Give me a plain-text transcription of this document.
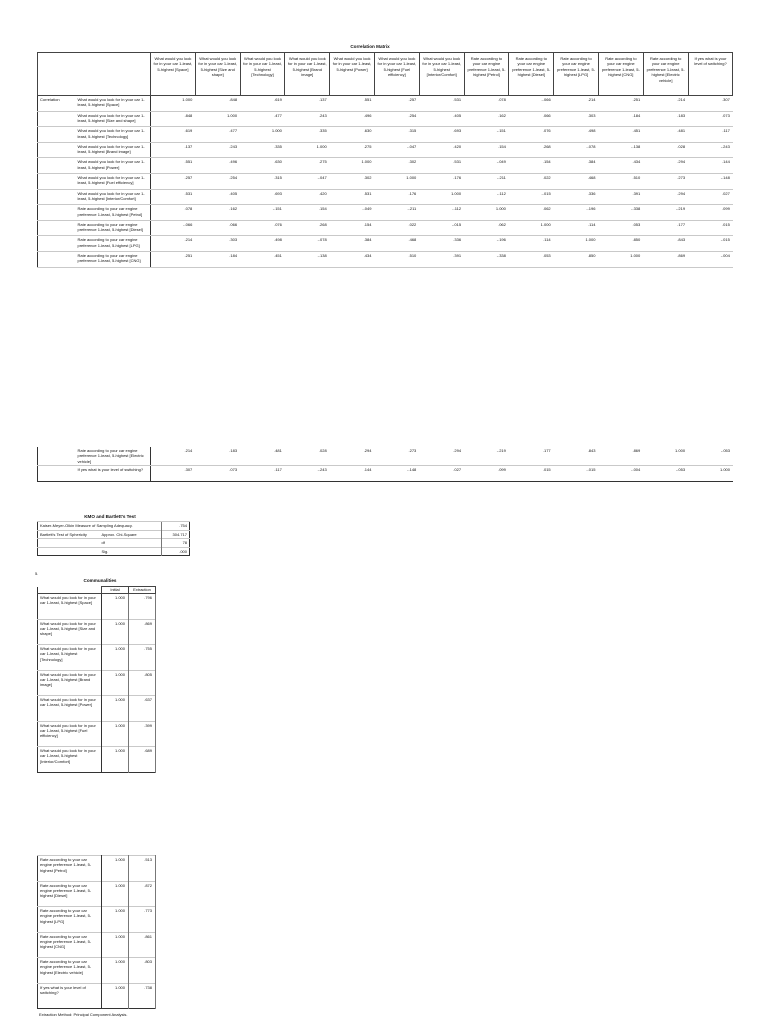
Correlation Matrix
		What would you look for in your car 1-least, 5-highest [Space]	What would you look for in your car 1-least, 5-highest [Size and shape]	What would you look for in your car 1-least, 5-highest [Technology]	What would you look for in your car 1-least, 5-highest [Brand image]	What would you look for in your car 1-least, 5-highest [Power]	What would you look for in your car 1-least, 5-highest [Fuel efficiency]	What would you look for in your car 1-least, 5-highest [Interior/Comfort]	Rate according to your car engine preference 1-least, 5-highest [Petrol]	Rate according to your car engine preference 1-least, 5-highest [Diesel]	Rate according to your car engine preference 1-least, 5-highest [LPG]	Rate according to your car engine preference 1-least, 5-highest [CNG]	Rate according to your car engine preference 1-least, 5-highest [Electric vehicle]	If yes what is your level of switching?
Correlation	What would you look for in your car 1-least, 5-highest [Space]	1.000	.848	.619	.137	.551	.257	.531	.078	-.066	.214	.251	.214	.307
	What would you look for in your car 1-least, 5-highest [Size and shape]	.848	1.000	.477	.243	.496	.254	.405	.162	.066	.303	.184	.183	.073
	What would you look for in your car 1-least, 5-highest [Technology]	.619	.477	1.000	.335	.630	.315	.693	-.151	.076	.498	.451	.481	.117
	What would you look for in your car 1-least, 5-highest [Brand image]	.137	.243	.335	1.000	.275	-.047	.420	.154	.268	-.078	-.138	.028	-.243
	What would you look for in your car 1-least, 5-highest [Power]	.551	.496	.630	.275	1.000	.302	.531	-.049	.154	.384	.434	.294	.144
	What would you look for in your car 1-least, 5-highest [Fuel efficiency]	.257	.254	.315	-.047	.302	1.000	.176	-.211	.022	.468	.510	.273	-.148
	What would you look for in your car 1-least, 5-highest [Interior/Comfort]	.531	.405	.693	.420	.531	.176	1.000	-.112	-.015	.336	.391	.294	.027
	Rate according to your car engine preference 1-least, 5-highest [Petrol]	.078	.162	-.151	.154	-.049	-.211	-.112	1.000	.062	-.196	-.338	-.219	.099
	Rate according to your car engine preference 1-least, 5-highest [Diesel]	-.066	.066	.076	.268	.154	.022	-.015	.062	1.000	.114	.053	.177	.015
	Rate according to your car engine preference 1-least, 5-highest [LPG]	.214	.303	.498	-.078	.384	.468	.336	-.196	.114	1.000	.850	.843	-.015
	Rate according to your car engine preference 1-least, 5-highest [CNG]	.251	.184	.451	-.138	.434	.510	.391	-.338	.053	.850	1.000	.869	-.004
	Rate according to your car engine preference 1-least, 5-highest [Electric vehicle]	.214	.183	.481	.028	.294	.273	.294	-.219	.177	.843	.869	1.000	-.053
	If yes what is your level of switching?	.307	.073	.117	-.243	.144	-.148	.027	.099	.015	-.015	-.004	-.053	1.000
KMO and Bartlett's Test
Kaiser-Meyer-Olkin Measure of Sampling Adequacy.		.754
Bartlett's Test of Sphericity	Approx. Chi-Square	304.717
	df	78
	Sig.	.000
5.
Communalities
	Initial	Extraction
What would you look for in your car 1-least, 5-highest [Space]	1.000	.796
What would you look for in your car 1-least, 5-highest [Size and shape]	1.000	.869
What would you look for in your car 1-least, 5-highest [Technology]	1.000	.755
What would you look for in your car 1-least, 5-highest [Brand image]	1.000	.805
What would you look for in your car 1-least, 5-highest [Power]	1.000	.637
What would you look for in your car 1-least, 5-highest [Fuel efficiency]	1.000	.399
What would you look for in your car 1-least, 5-highest [Interior/Comfort]	1.000	.689
Rate according to your car engine preference 1-least, 5-highest [Petrol]	1.000	.513
Rate according to your car engine preference 1-least, 5-highest [Diesel]	1.000	.872
Rate according to your car engine preference 1-least, 5-highest [LPG]	1.000	.773
Rate according to your car engine preference 1-least, 5-highest [CNG]	1.000	.861
Rate according to your car engine preference 1-least, 5-highest [Electric vehicle]	1.000	.803
If yes what is your level of switching?	1.000	.738
Extraction Method: Principal Component Analysis.
